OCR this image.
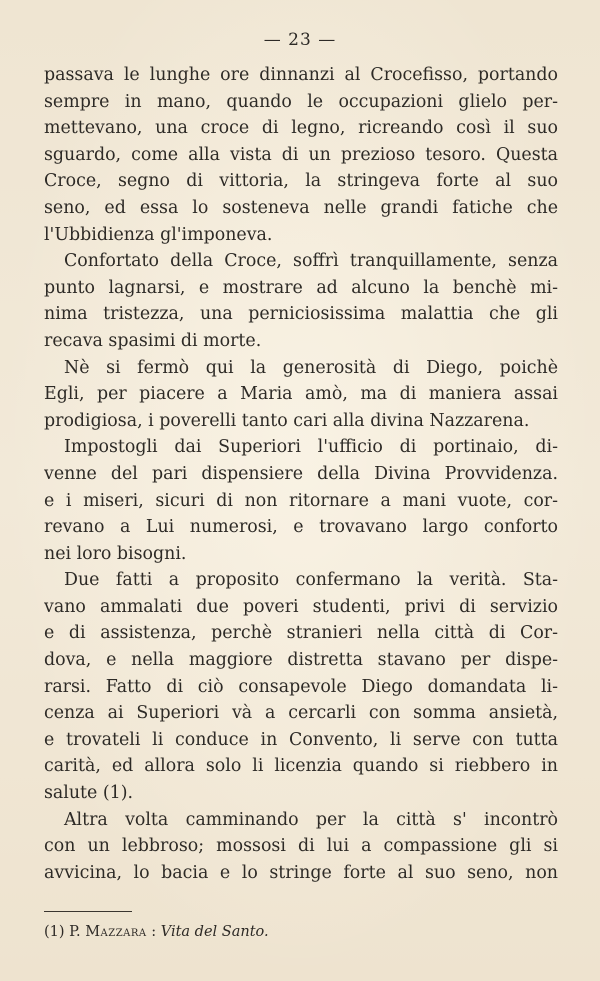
— 23 —
passava le lunghe ore dinnanzi al Crocefisso, portando
sempre in mano, quando le occupazioni glielo per-
mettevano, una croce di legno, ricreando così il suo
sguardo, come alla vista di un prezioso tesoro. Questa
Croce, segno di vittoria, la stringeva forte al suo
seno, ed essa lo sosteneva nelle grandi fatiche che
l'Ubbidienza gl'imponeva.
Confortato della Croce, soffrì tranquillamente, senza
punto lagnarsi, e mostrare ad alcuno la benchè mi-
nima tristezza, una perniciosissima malattia che gli
recava spasimi di morte.
Nè si fermò qui la generosità di Diego, poichè
Egli, per piacere a Maria amò, ma di maniera assai
prodigiosa, i poverelli tanto cari alla divina Nazzarena.
Impostogli dai Superiori l'ufficio di portinaio, di-
venne del pari dispensiere della Divina Provvidenza.
e i miseri, sicuri di non ritornare a mani vuote, cor-
revano a Lui numerosi, e trovavano largo conforto
nei loro bisogni.
Due fatti a proposito confermano la verità. Sta-
vano ammalati due poveri studenti, privi di servizio
e di assistenza, perchè stranieri nella città di Cor-
dova, e nella maggiore distretta stavano per dispe-
rarsi. Fatto di ciò consapevole Diego domandata li-
cenza ai Superiori và a cercarli con somma ansietà,
e trovateli li conduce in Convento, li serve con tutta
carità, ed allora solo li licenzia quando si riebbero in
salute (1).
Altra volta camminando per la città s' incontrò
con un lebbroso; mossosi di lui a compassione gli si
avvicina, lo bacia e lo stringe forte al suo seno, non
(1) P. Mazzara : Vita del Santo.
